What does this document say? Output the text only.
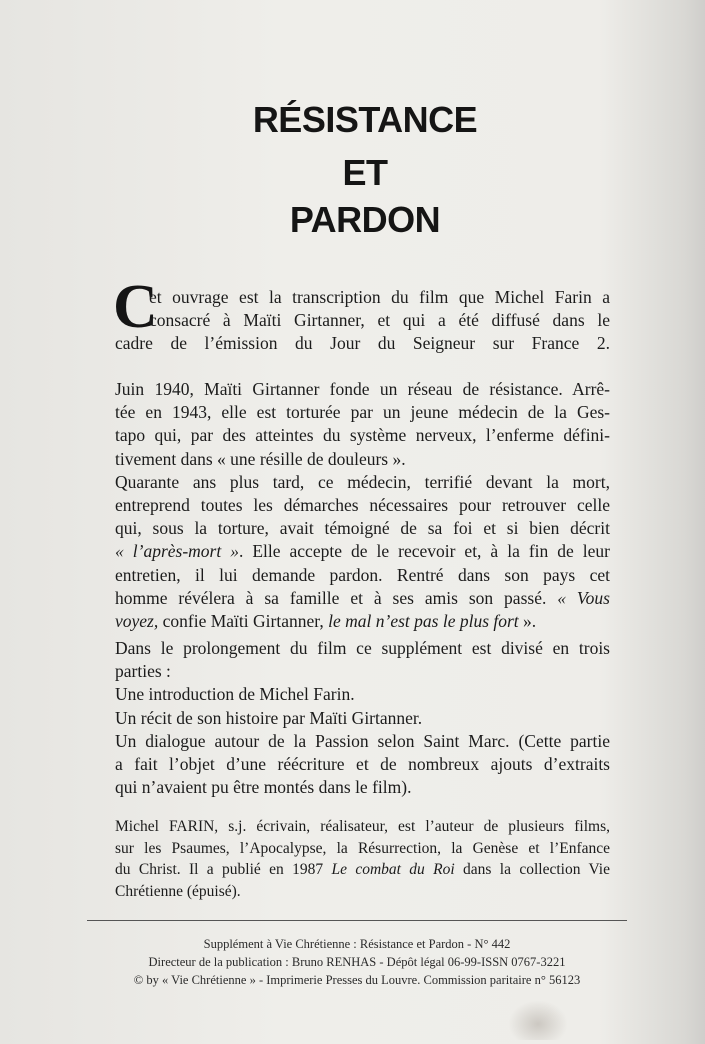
RÉSISTANCE
ET
PARDON
C
et ouvrage est la transcription du film que Michel Farin a
consacré à Maïti Girtanner, et qui a été diffusé dans le
cadre de l’émission du Jour du Seigneur sur France 2.
Juin 1940, Maïti Girtanner fonde un réseau de résistance. Arrê-
tée en 1943, elle est torturée par un jeune médecin de la Ges-
tapo qui, par des atteintes du système nerveux, l’enferme défini-
tivement dans « une résille de douleurs ».
Quarante ans plus tard, ce médecin, terrifié devant la mort,
entreprend toutes les démarches nécessaires pour retrouver celle
qui, sous la torture, avait témoigné de sa foi et si bien décrit
« l’après-mort ». Elle accepte de le recevoir et, à la fin de leur
entretien, il lui demande pardon. Rentré dans son pays cet
homme révélera à sa famille et à ses amis son passé. « Vous
voyez, confie Maïti Girtanner, le mal n’est pas le plus fort ».
Dans le prolongement du film ce supplément est divisé en trois
parties :
Une introduction de Michel Farin.
Un récit de son histoire par Maïti Girtanner.
Un dialogue autour de la Passion selon Saint Marc. (Cette partie
a fait l’objet d’une réécriture et de nombreux ajouts d’extraits
qui n’avaient pu être montés dans le film).
Michel FARIN, s.j. écrivain, réalisateur, est l’auteur de plusieurs films,
sur les Psaumes, l’Apocalypse, la Résurrection, la Genèse et l’Enfance
du Christ. Il a publié en 1987 Le combat du Roi dans la collection Vie
Chrétienne (épuisé).
Supplément à Vie Chrétienne : Résistance et Pardon - N° 442
Directeur de la publication : Bruno RENHAS - Dépôt légal 06-99-ISSN 0767-3221
© by « Vie Chrétienne » - Imprimerie Presses du Louvre. Commission paritaire n° 56123
